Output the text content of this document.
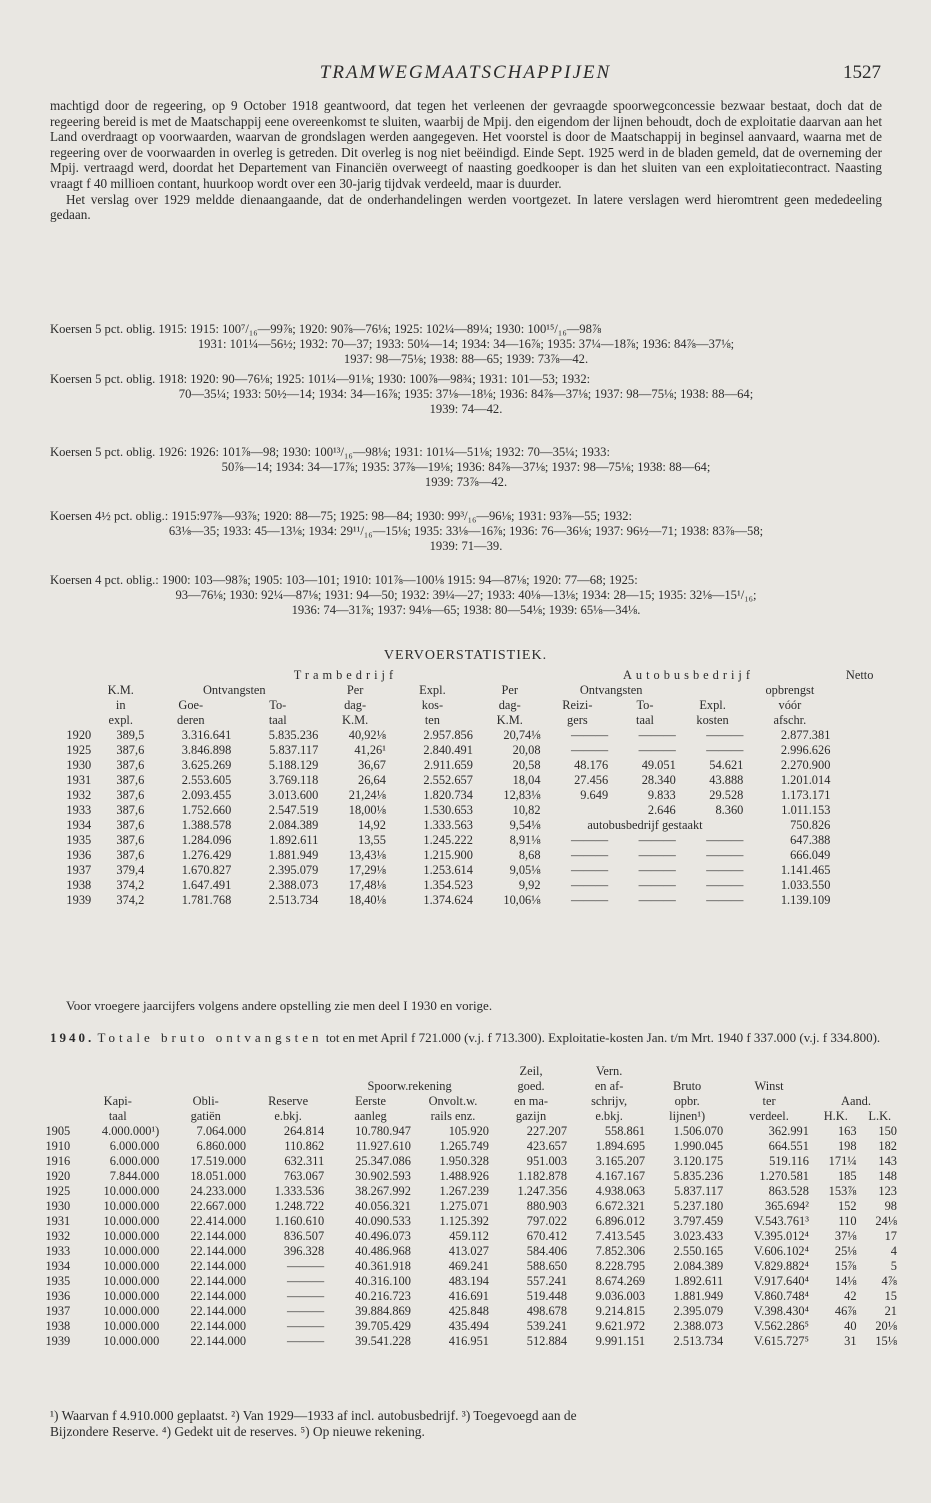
TRAMWEGMAATSCHAPPIJEN	1527

machtigd door de regeering, op 9 October 1918 geantwoord, dat tegen het verleenen der gevraagde spoorwegconcessie bezwaar bestaat, doch dat de regeering bereid is met de Maatschappij eene overeenkomst te sluiten, waarbij de Mpij. den eigendom der lijnen behoudt, doch de exploitatie daarvan aan het Land overdraagt op voorwaarden, waarvan de grondslagen werden aangegeven. Het voorstel is door de Maatschappij in beginsel aanvaard, waarna met de regeering over de voorwaarden in overleg is getreden. Dit overleg is nog niet beëindigd. Einde Sept. 1925 werd in de bladen gemeld, dat de overneming der Mpij. vertraagd werd, doordat het Departement van Financiën overweegt of naasting goedkooper is dan het sluiten van een exploitatiecontract. Naasting vraagt f 40 millioen contant, huurkoop wordt over een 30-jarig tijdvak verdeeld, maar is duurder.

Het verslag over 1929 meldde dienaangaande, dat de onderhandelingen werden voortgezet. In latere verslagen werd hieromtrent geen mededeeling gedaan.

Koersen 5 pct. oblig. 1915: 1915: 100⁷/₁₆—99⅞; 1920: 90⅞—76⅛; 1925: 102¼—89¼; 1930: 100¹⁵/₁₆—98⅞
1931: 101¼—56½; 1932: 70—37; 1933: 50¼—14; 1934: 34—16⅞; 1935: 37¼—18⅞; 1936: 84⅞—37⅛;
1937: 98—75⅛; 1938: 88—65; 1939: 73⅞—42.
Koersen 5 pct. oblig. 1918: 1920: 90—76⅛; 1925: 101¼—91⅛; 1930: 100⅞—98¾; 1931: 101—53; 1932:
70—35¼; 1933: 50½—14; 1934: 34—16⅞; 1935: 37⅛—18⅛; 1936: 84⅞—37⅛; 1937: 98—75⅛; 1938: 88—64;
1939: 74—42.
Koersen 5 pct. oblig. 1926: 1926: 101⅞—98; 1930: 100¹³/₁₆—98⅛; 1931: 101¼—51⅛; 1932: 70—35¼; 1933:
50⅞—14; 1934: 34—17⅞; 1935: 37⅞—19⅛; 1936: 84⅞—37⅛; 1937: 98—75⅛; 1938: 88—64;
1939: 73⅞—42.
Koersen 4½ pct. oblig.: 1915:97⅞—93⅞; 1920: 88—75; 1925: 98—84; 1930: 99³/₁₆—96⅛; 1931: 93⅞—55; 1932:
63⅛—35; 1933: 45—13⅛; 1934: 29¹¹/₁₆—15⅛; 1935: 33⅛—16⅞; 1936: 76—36⅛; 1937: 96½—71; 1938: 83⅞—58;
1939: 71—39.
Koersen 4 pct. oblig.: 1900: 103—98⅞; 1905: 103—101; 1910: 101⅞—100⅛ 1915: 94—87⅛; 1920: 77—68; 1925:
93—76⅛; 1930: 92¼—87⅛; 1931: 94—50; 1932: 39¼—27; 1933: 40⅛—13⅛; 1934: 28—15; 1935: 32⅛—15¹/₁₆;
1936: 74—31⅞; 1937: 94⅛—65; 1938: 80—54⅛; 1939: 65⅛—34⅛.
VERVOERSTATISTIEK.
		Trambedrijf					Autobusbedrijf				Netto
	K.M.	Ontvangsten		Per	Expl.	Per	Ontvangsten			opbrengst	
	in	Goe-	To-	dag-	kos-	dag-	Reizi-	To-	Expl.	vóór	
	expl.	deren	taal	K.M.	ten	K.M.	gers	taal	kosten	afschr.	
1920	389,5	3.316.641	5.835.236	40,92⅛	2.957.856	20,74⅛	———	———	———	2.877.381	
1925	387,6	3.846.898	5.837.117	41,26¹	2.840.491	20,08	———	———	———	2.996.626	
1930	387,6	3.625.269	5.188.129	36,67	2.911.659	20,58	48.176	49.051	54.621	2.270.900	
1931	387,6	2.553.605	3.769.118	26,64	2.552.657	18,04	27.456	28.340	43.888	1.201.014	
1932	387,6	2.093.455	3.013.600	21,24⅛	1.820.734	12,83⅛	9.649	9.833	29.528	1.173.171	
1933	387,6	1.752.660	2.547.519	18,00⅛	1.530.653	10,82		2.646	8.360	1.011.153	
1934	387,6	1.388.578	2.084.389	14,92	1.333.563	9,54⅛	autobusbedrijf gestaakt			750.826	
1935	387,6	1.284.096	1.892.611	13,55	1.245.222	8,91⅛	———	———	———	647.388	
1936	387,6	1.276.429	1.881.949	13,43⅛	1.215.900	8,68	———	———	———	666.049	
1937	379,4	1.670.827	2.395.079	17,29⅛	1.253.614	9,05⅛	———	———	———	1.141.465	
1938	374,2	1.647.491	2.388.073	17,48⅛	1.354.523	9,92	———	———	———	1.033.550	
1939	374,2	1.781.768	2.513.734	18,40⅛	1.374.624	10,06⅛	———	———	———	1.139.109	
Voor vroegere jaarcijfers volgens andere opstelling zie men deel I 1930 en vorige.
1940. Totale bruto ontvangsten tot en met April f 721.000 (v.j. f 713.300). Exploitatie-kosten Jan. t/m Mrt. 1940 f 337.000 (v.j. f 334.800).
						Zeil,	Vern.				
				Spoorw.rekening		goed.	en af-	Bruto	Winst		
	Kapi-	Obli-	Reserve	Eerste	Onvolt.w.	en ma-	schrijv,	opbr.	ter	Aand.	
	taal	gatiën	e.bkj.	aanleg	rails enz.	gazijn	e.bkj.	lijnen¹)	verdeel.	H.K.	L.K.
1905	4.000.000¹)	7.064.000	264.814	10.780.947	105.920	227.207	558.861	1.506.070	362.991	163	150
1910	6.000.000	6.860.000	110.862	11.927.610	1.265.749	423.657	1.894.695	1.990.045	664.551	198	182
1916	6.000.000	17.519.000	632.311	25.347.086	1.950.328	951.003	3.165.207	3.120.175	519.116	171¼	143
1920	7.844.000	18.051.000	763.067	30.902.593	1.488.926	1.182.878	4.167.167	5.835.236	1.270.581	185	148
1925	10.000.000	24.233.000	1.333.536	38.267.992	1.267.239	1.247.356	4.938.063	5.837.117	863.528	153⅞	123
1930	10.000.000	22.667.000	1.248.722	40.056.321	1.275.071	880.903	6.672.321	5.237.180	365.694²	152	98
1931	10.000.000	22.414.000	1.160.610	40.090.533	1.125.392	797.022	6.896.012	3.797.459	V.543.761³	110	24⅛
1932	10.000.000	22.144.000	836.507	40.496.073	459.112	670.412	7.413.545	3.023.433	V.395.012⁴	37⅛	17
1933	10.000.000	22.144.000	396.328	40.486.968	413.027	584.406	7.852.306	2.550.165	V.606.102⁴	25⅛	4
1934	10.000.000	22.144.000	———	40.361.918	469.241	588.650	8.228.795	2.084.389	V.829.882⁴	15⅞	5
1935	10.000.000	22.144.000	———	40.316.100	483.194	557.241	8.674.269	1.892.611	V.917.640⁴	14⅛	4⅞
1936	10.000.000	22.144.000	———	40.216.723	416.691	519.448	9.036.003	1.881.949	V.860.748⁴	42	15
1937	10.000.000	22.144.000	———	39.884.869	425.848	498.678	9.214.815	2.395.079	V.398.430⁴	46⅞	21
1938	10.000.000	22.144.000	———	39.705.429	435.494	539.241	9.621.972	2.388.073	V.562.286⁵	40	20⅛
1939	10.000.000	22.144.000	———	39.541.228	416.951	512.884	9.991.151	2.513.734	V.615.727⁵	31	15⅛
¹) Waarvan f 4.910.000 geplaatst. ²) Van 1929—1933 af incl. autobusbedrijf. ³) Toegevoegd aan de
Bijzondere Reserve. ⁴) Gedekt uit de reserves. ⁵) Op nieuwe rekening.
